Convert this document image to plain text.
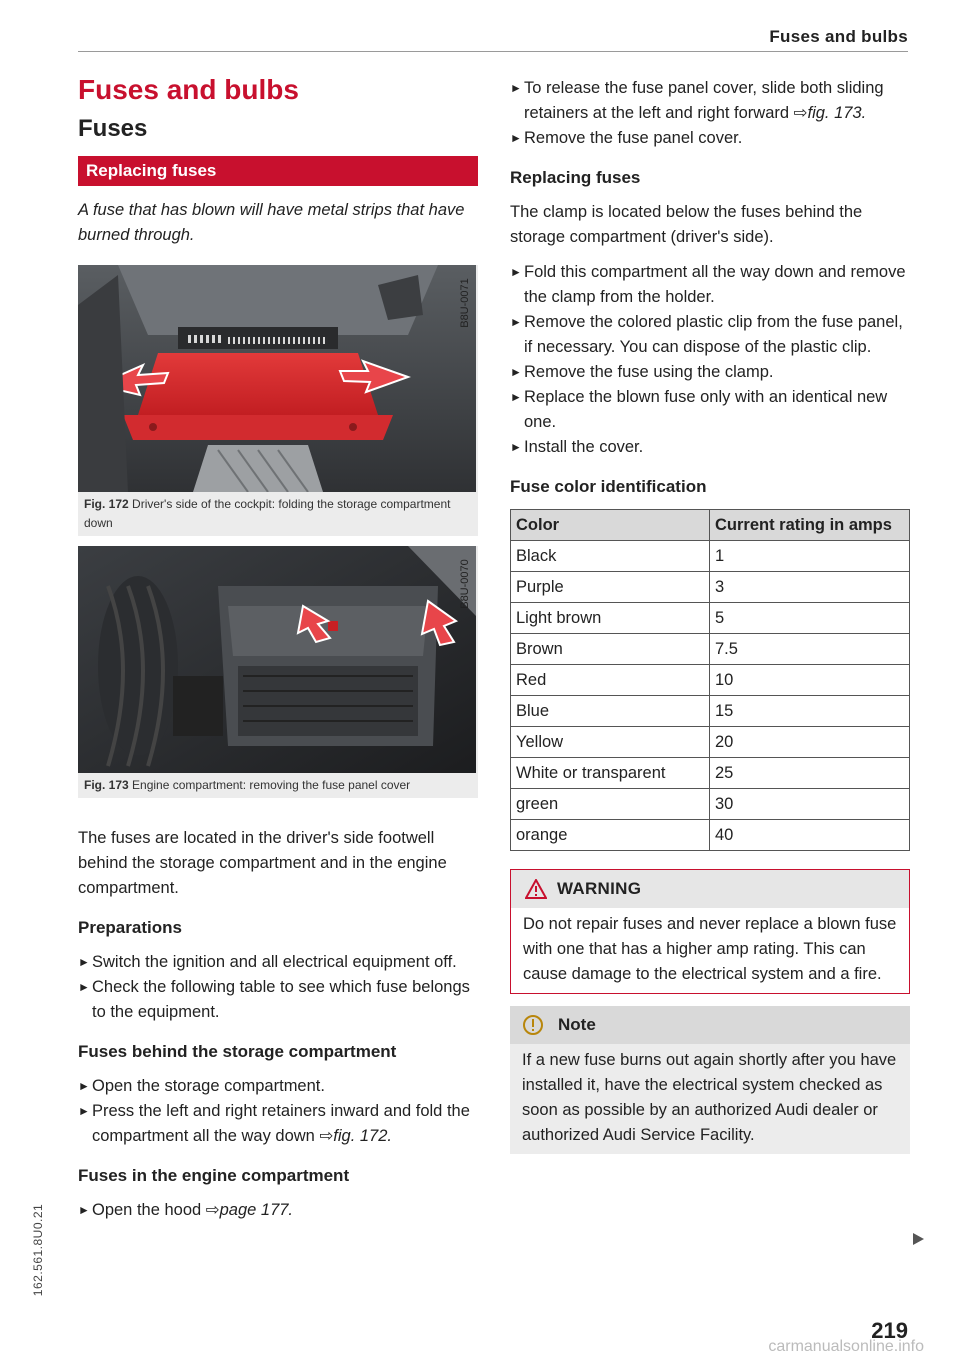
Fuses and bulbs
162.561.8U0.21
Fuses and bulbs
Fuses
Replacing fuses

A fuse that has blown will have metal strips that have burned through.

B8U-0071
Fig. 172 Driver's side of the cockpit: folding the storage compartment down
B8U-0070
Fig. 173 Engine compartment: removing the fuse panel cover

The fuses are located in the driver's side footwell behind the storage compartment and in the engine compartment.

Preparations
► Switch the ignition and all electrical equipment off.
► Check the following table to see which fuse belongs to the equipment.
Fuses behind the storage compartment
► Open the storage compartment.
► Press the left and right retainers inward and fold the compartment all the way down ⇨fig. 172.
Fuses in the engine compartment
► Open the hood ⇨page 177.
► To release the fuse panel cover, slide both sliding retainers at the left and right forward ⇨fig. 173.
► Remove the fuse panel cover.
Replacing fuses

The clamp is located below the fuses behind the storage compartment (driver's side).

► Fold this compartment all the way down and remove the clamp from the holder.
► Remove the colored plastic clip from the fuse panel, if necessary. You can dispose of the plastic clip.
► Remove the fuse using the clamp.
► Replace the blown fuse only with an identical new one.
► Install the cover.
Fuse color identification
Color	Current rating in amps
Black	1
Purple	3
Light brown	5
Brown	7.5
Red	10
Blue	15
Yellow	20
White or transparent	25
green	30
orange	40
WARNING
Do not repair fuses and never replace a blown fuse with one that has a higher amp rating. This can cause damage to the electrical system and a fire.
Note
If a new fuse burns out again shortly after you have installed it, have the electrical system checked as soon as possible by an authorized Audi dealer or authorized Audi Service Facility.
219
carmanualsonline.info
